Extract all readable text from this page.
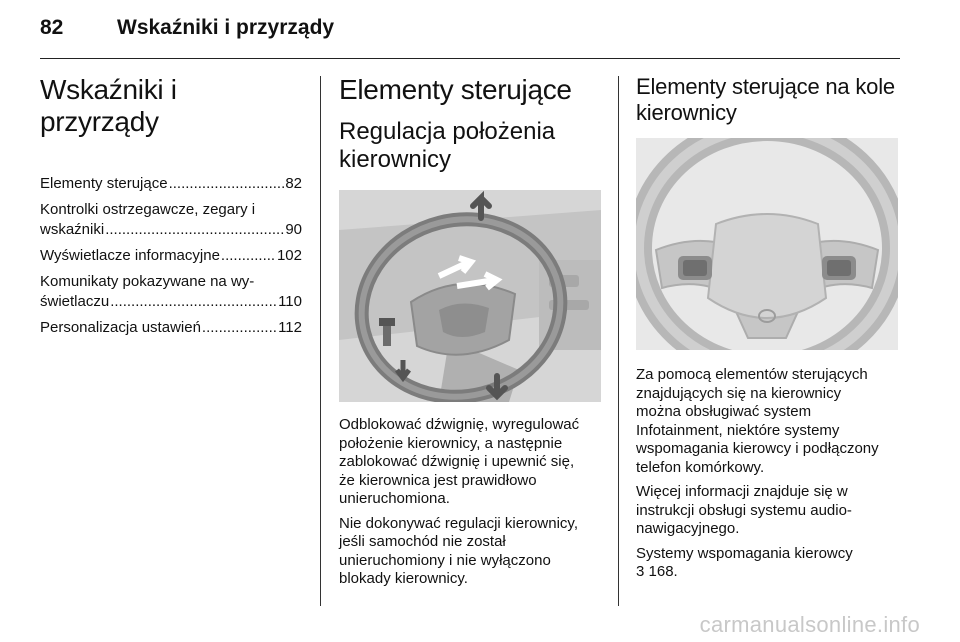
82	Wskaźniki i przyrządy
Wskaźniki i przyrządy
Elementy sterujące .....	82
Kontrolki ostrzegawcze, zegary i
wskaźniki .....	90
Wyświetlacze informacyjne .....	102
Komunikaty pokazywane na wy-
świetlaczu .....	110
Personalizacja ustawień .....	112
Elementy sterujące
Regulacja położenia
kierownicy
Odblokować dźwignię, wyregulować
położenie kierownicy, a następnie
zablokować dźwignię i upewnić się,
że kierownica jest prawidłowo
unieruchomiona.
Nie dokonywać regulacji kierownicy,
jeśli samochód nie został
unieruchomiony i nie wyłączono
blokady kierownicy.
Elementy sterujące na kole
kierownicy
Za pomocą elementów sterujących
znajdujących się na kierownicy
można obsługiwać system
Infotainment, niektóre systemy
wspomagania kierowcy i podłączony
telefon komórkowy.
Więcej informacji znajduje się w
instrukcji obsługi systemu audio-
nawigacyjnego.
Systemy wspomagania kierowcy
3 168.
carmanualsonline.info
